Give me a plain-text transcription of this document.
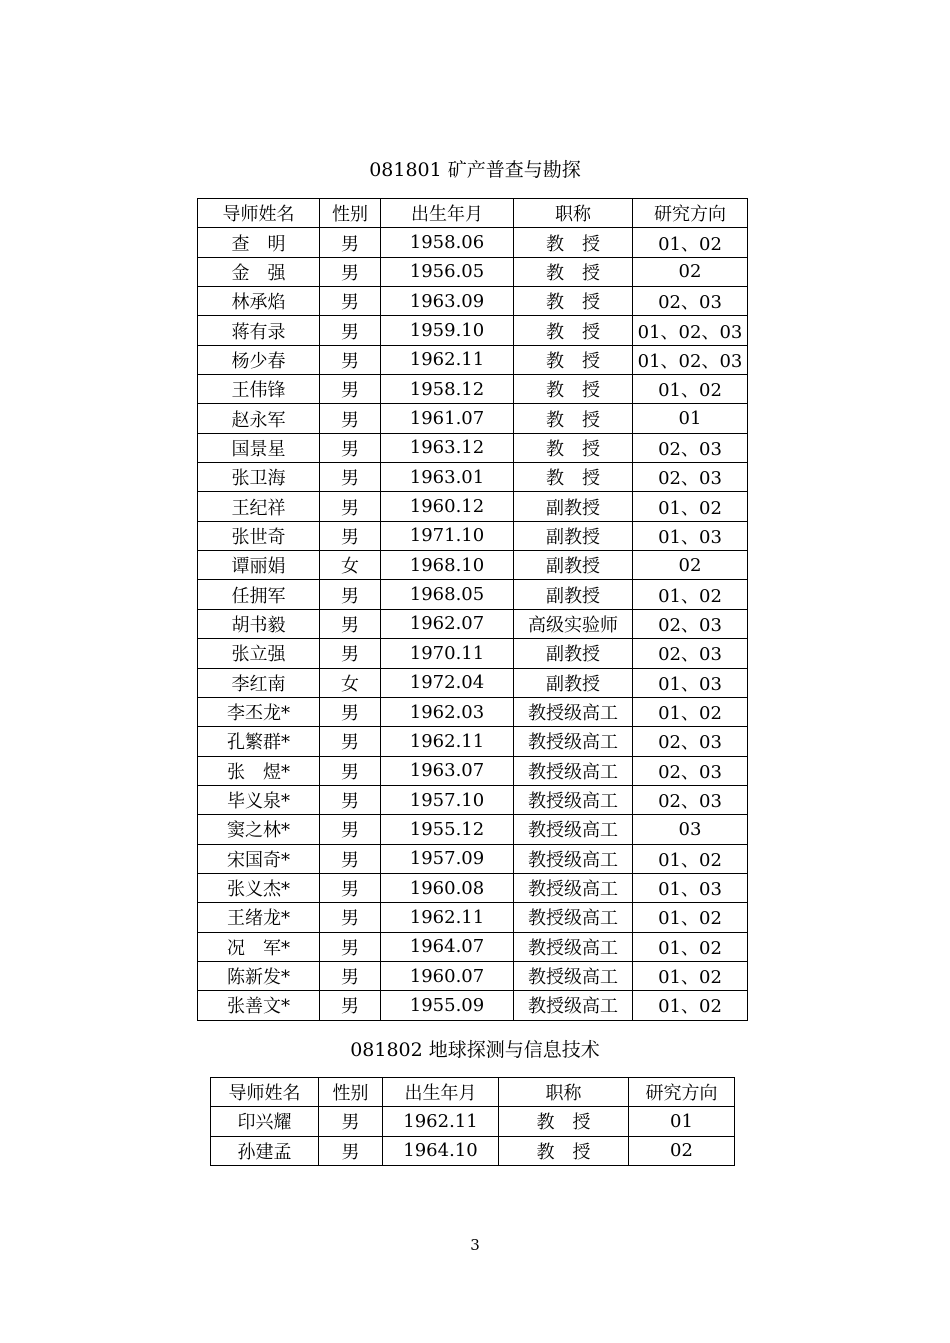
081801 矿产普查与勘探
导师姓名	性别	出生年月	职称	研究方向
查　明	男	1958.06	教　授	01、02
金　强	男	1956.05	教　授	02
林承焰	男	1963.09	教　授	02、03
蒋有录	男	1959.10	教　授	01、02、03
杨少春	男	1962.11	教　授	01、02、03
王伟锋	男	1958.12	教　授	01、02
赵永军	男	1961.07	教　授	01
国景星	男	1963.12	教　授	02、03
张卫海	男	1963.01	教　授	02、03
王纪祥	男	1960.12	副教授	01、02
张世奇	男	1971.10	副教授	01、03
谭丽娟	女	1968.10	副教授	02
任拥军	男	1968.05	副教授	01、02
胡书毅	男	1962.07	高级实验师	02、03
张立强	男	1970.11	副教授	02、03
李红南	女	1972.04	副教授	01、03
李丕龙*	男	1962.03	教授级高工	01、02
孔繁群*	男	1962.11	教授级高工	02、03
张　煜*	男	1963.07	教授级高工	02、03
毕义泉*	男	1957.10	教授级高工	02、03
窦之林*	男	1955.12	教授级高工	03
宋国奇*	男	1957.09	教授级高工	01、02
张义杰*	男	1960.08	教授级高工	01、03
王绪龙*	男	1962.11	教授级高工	01、02
况　军*	男	1964.07	教授级高工	01、02
陈新发*	男	1960.07	教授级高工	01、02
张善文*	男	1955.09	教授级高工	01、02
081802 地球探测与信息技术
导师姓名	性别	出生年月	职称	研究方向
印兴耀	男	1962.11	教　授	01
孙建孟	男	1964.10	教　授	02
3
